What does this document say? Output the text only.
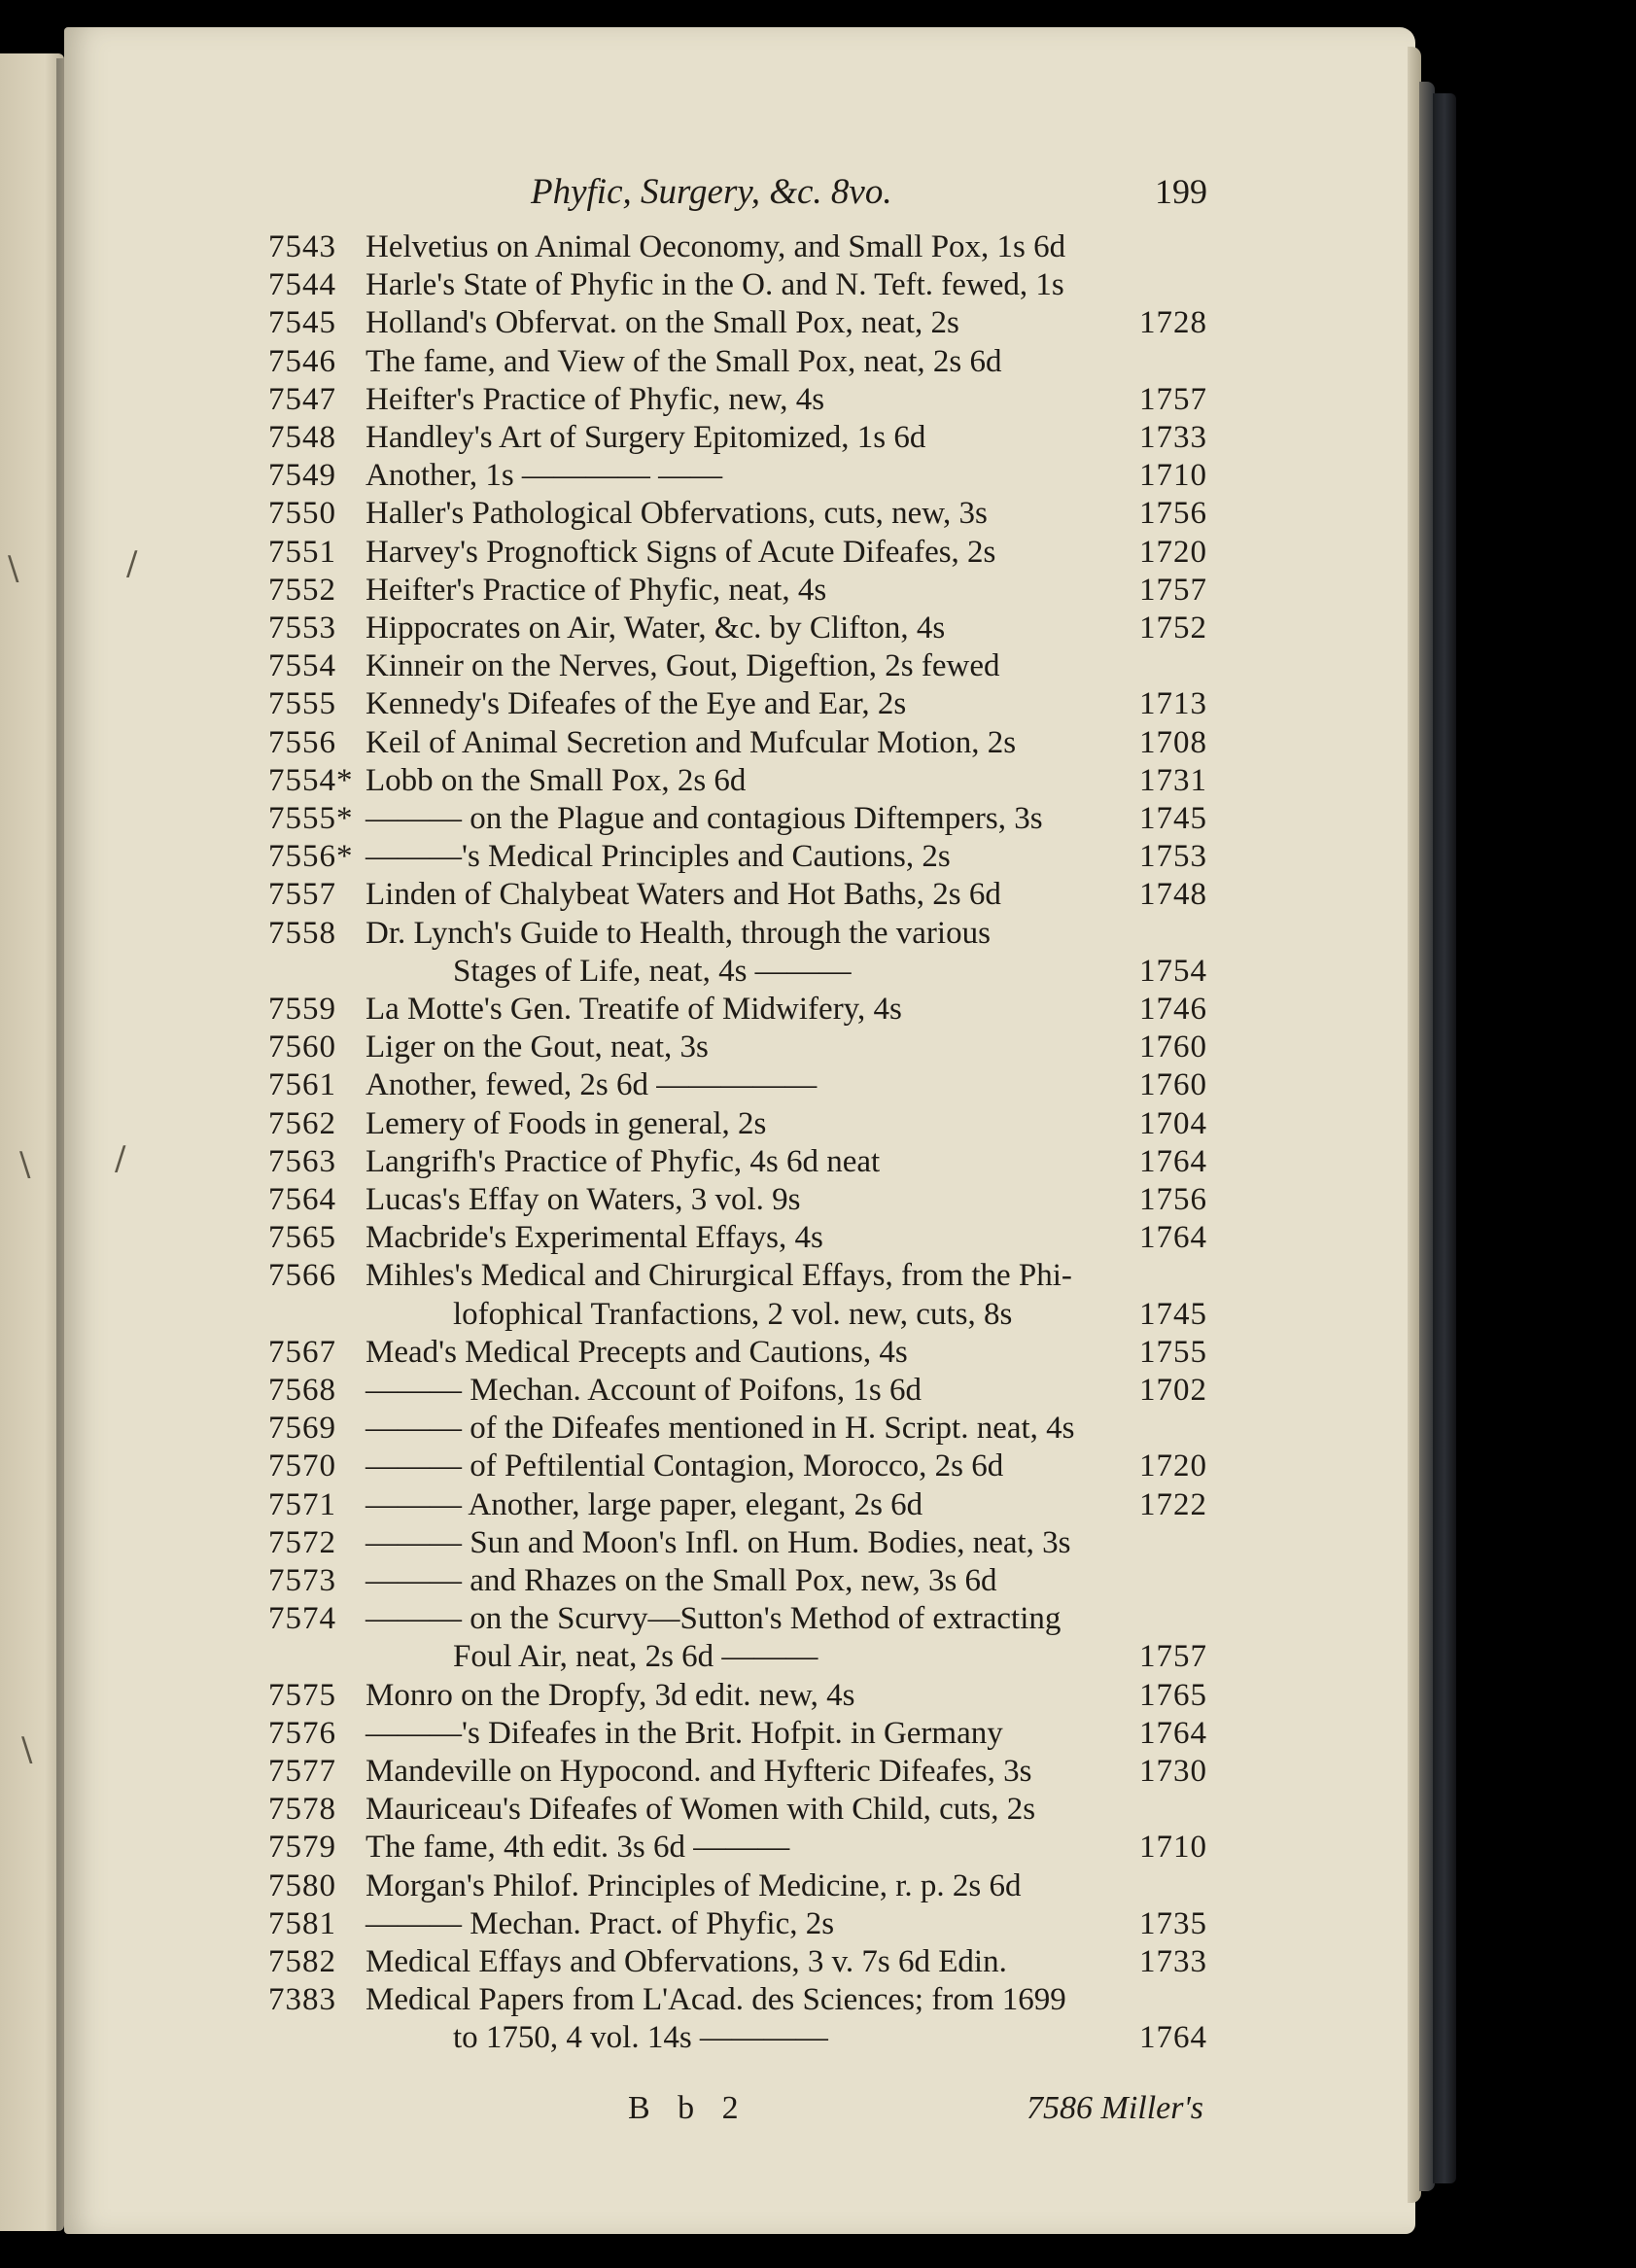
\	/
\	/
\
Phyfic, Surgery, &c. 8vo.	199
7543 Helvetius on Animal Oeconomy, and Small Pox, 1s 6d
7544 Harle's State of Phyfic in the O. and N. Teft. fewed, 1s
7545 Holland's Obfervat. on the Small Pox, neat, 2s	1728
7546 The fame, and View of the Small Pox, neat, 2s 6d
7547 Heifter's Practice of Phyfic, new, 4s	1757
7548 Handley's Art of Surgery Epitomized, 1s 6d	1733
7549 Another, 1s ———— ——	1710
7550 Haller's Pathological Obfervations, cuts, new, 3s	1756
7551 Harvey's Prognoftick Signs of Acute Difeafes, 2s	1720
7552 Heifter's Practice of Phyfic, neat, 4s	1757
7553 Hippocrates on Air, Water, &c. by Clifton, 4s	1752
7554 Kinneir on the Nerves, Gout, Digeftion, 2s fewed
7555 Kennedy's Difeafes of the Eye and Ear, 2s	1713
7556 Keil of Animal Secretion and Mufcular Motion, 2s	1708
7554* Lobb on the Small Pox, 2s 6d	1731
7555* ——— on the Plague and contagious Diftempers, 3s	1745
7556* ———'s Medical Principles and Cautions, 2s	1753
7557 Linden of Chalybeat Waters and Hot Baths, 2s 6d	1748
7558 Dr. Lynch's Guide to Health, through the various
Stages of Life, neat, 4s ———	1754
7559 La Motte's Gen. Treatife of Midwifery, 4s	1746
7560 Liger on the Gout, neat, 3s	1760
7561 Another, fewed, 2s 6d —————	1760
7562 Lemery of Foods in general, 2s	1704
7563 Langrifh's Practice of Phyfic, 4s 6d neat	1764
7564 Lucas's Effay on Waters, 3 vol. 9s	1756
7565 Macbride's Experimental Effays, 4s	1764
7566 Mihles's Medical and Chirurgical Effays, from the Phi-
lofophical Tranfactions, 2 vol. new, cuts, 8s	1745
7567 Mead's Medical Precepts and Cautions, 4s	1755
7568 ——— Mechan. Account of Poifons, 1s 6d	1702
7569 ——— of the Difeafes mentioned in H. Script. neat, 4s
7570 ——— of Peftilential Contagion, Morocco, 2s 6d	1720
7571 ——— Another, large paper, elegant, 2s 6d	1722
7572 ——— Sun and Moon's Infl. on Hum. Bodies, neat, 3s
7573 ——— and Rhazes on the Small Pox, new, 3s 6d
7574 ——— on the Scurvy—Sutton's Method of extracting
Foul Air, neat, 2s 6d ———	1757
7575 Monro on the Dropfy, 3d edit. new, 4s	1765
7576 ———'s Difeafes in the Brit. Hofpit. in Germany	1764
7577 Mandeville on Hypocond. and Hyfteric Difeafes, 3s	1730
7578 Mauriceau's Difeafes of Women with Child, cuts, 2s
7579 The fame, 4th edit. 3s 6d ———	1710
7580 Morgan's Philof. Principles of Medicine, r. p. 2s 6d
7581 ——— Mechan. Pract. of Phyfic, 2s	1735
7582 Medical Effays and Obfervations, 3 v. 7s 6d Edin.	1733
7383 Medical Papers from L'Acad. des Sciences; from 1699
to 1750, 4 vol. 14s ————	1764
B b 2	7586 Miller's
